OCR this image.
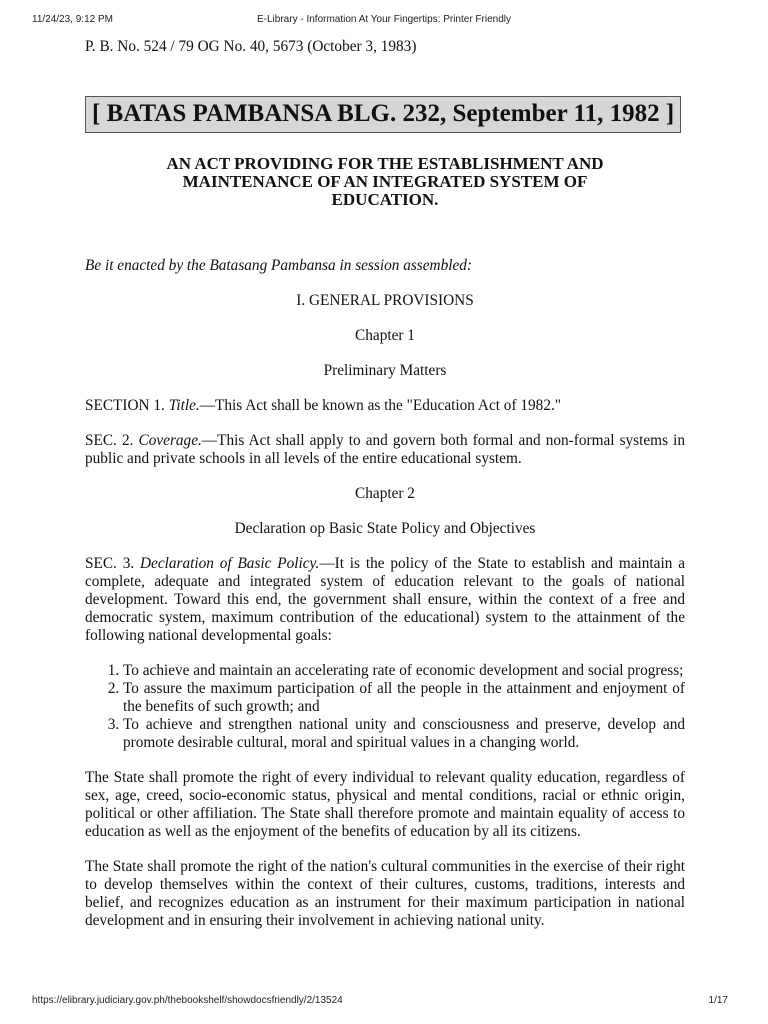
11/24/23, 9:12 PM	E-Library - Information At Your Fingertips: Printer Friendly

P. B. No. 524 / 79 OG No. 40, 5673 (October 3, 1983)

[ BATAS PAMBANSA BLG. 232, September 11, 1982 ]
AN ACT PROVIDING FOR THE ESTABLISHMENT AND
MAINTENANCE OF AN INTEGRATED SYSTEM OF
EDUCATION.

Be it enacted by the Batasang Pambansa in session assembled:

I. GENERAL PROVISIONS
Chapter 1
Preliminary Matters
SECTION 1. Title.—This Act shall be known as the "Education Act of 1982."
SEC. 2. Coverage.—This Act shall apply to and govern both formal and non-formal systems in public and private schools in all levels of the entire educational system.
Chapter 2
Declaration op Basic State Policy and Objectives
SEC. 3. Declaration of Basic Policy.—It is the policy of the State to establish and maintain a complete, adequate and integrated system of education relevant to the goals of national development. Toward this end, the government shall ensure, within the context of a free and democratic system, maximum contribution of the educational) system to the attainment of the following national developmental goals:
1. To achieve and maintain an accelerating rate of economic development and social progress;
2. To assure the maximum participation of all the people in the attainment and enjoyment of the benefits of such growth; and
3. To achieve and strengthen national unity and consciousness and preserve, develop and promote desirable cultural, moral and spiritual values in a changing world.
The State shall promote the right of every individual to relevant quality education, regardless of sex, age, creed, socio-economic status, physical and mental conditions, racial or ethnic origin, political or other affiliation. The State shall therefore promote and maintain equality of access to education as well as the enjoyment of the benefits of education by all its citizens.
The State shall promote the right of the nation's cultural communities in the exercise of their right to develop themselves within the context of their cultures, customs, traditions, interests and belief, and recognizes education as an instrument for their maximum participation in national development and in ensuring their involvement in achieving national unity.
https://elibrary.judiciary.gov.ph/thebookshelf/showdocsfriendly/2/13524	1/17
